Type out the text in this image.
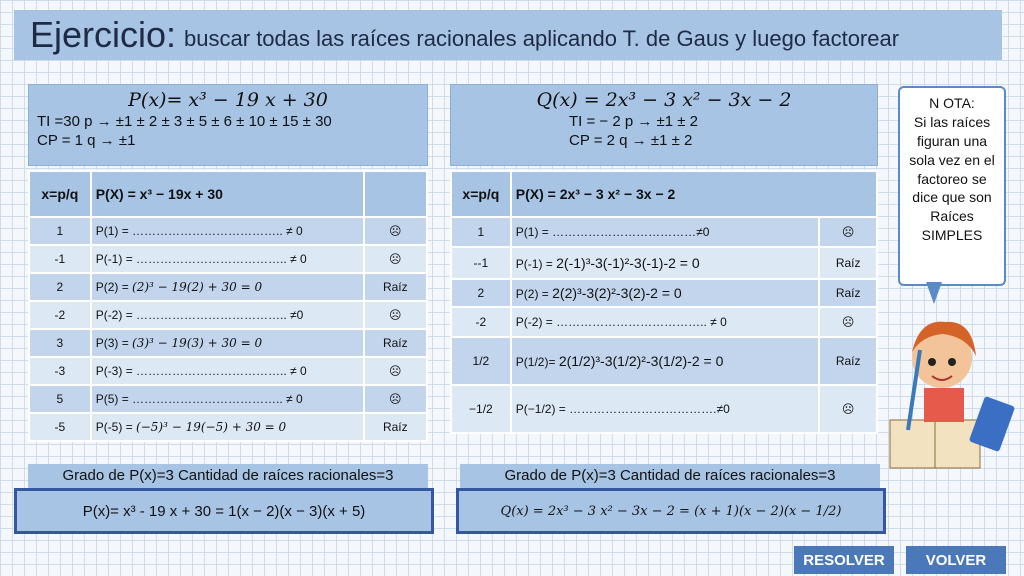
Ejercicio: buscar todas las raíces racionales aplicando T. de Gaus y luego factorear
P(x)= x³ − 19 x + 30
TI =30 p → ±1 ± 2 ± 3 ± 5 ± 6 ± 10 ± 15 ± 30
CP = 1 q → ±1
Q(x) = 2x³ − 3 x² − 3x − 2
TI = − 2 p → ±1 ± 2
CP = 2 q → ±1 ± 2
x=p/q	P(X) = x³ − 19x + 30	
1	P(1) = ……………………………….. ≠ 0	☹
-1	P(-1) = ……………………………….. ≠ 0	☹
2	P(2) = (2)³ − 19(2) + 30 = 0	Raíz
-2	P(-2) = ……………………………….. ≠0	☹
3	P(3) = (3)³ − 19(3) + 30 = 0	Raíz
-3	P(-3) = ……………………………….. ≠ 0	☹
5	P(5) = ……………………………….. ≠ 0	☹
-5	P(-5) = (−5)³ − 19(−5) + 30 = 0	Raíz
x=p/q	P(X) = 2x³ − 3 x² − 3x − 2	
1	P(1) = ………………………………≠0	☹
--1	P(-1) = 2(-1)³-3(-1)²-3(-1)-2 = 0	Raíz
2	P(2) = 2(2)³-3(2)²-3(2)-2 = 0	Raíz
-2	P(-2) = ……………………………….. ≠ 0	☹
1/2	P(1/2)= 2(1/2)³-3(1/2)²-3(1/2)-2 = 0	Raíz
−1/2	P(−1/2) = ……………………………….≠0	☹
Grado de P(x)=3 Cantidad de raíces racionales=3	Grado de P(x)=3 Cantidad de raíces racionales=3
P(x)= x³ - 19 x + 30 = 1(x − 2)(x − 3)(x + 5)	Q(x) = 2x³ − 3 x² − 3x − 2 = (x + 1)(x − 2)(x − 1/2)
N OTA:
Si las raíces figuran una sola vez en el factoreo se dice que son Raíces SIMPLES
RESOLVER	VOLVER
